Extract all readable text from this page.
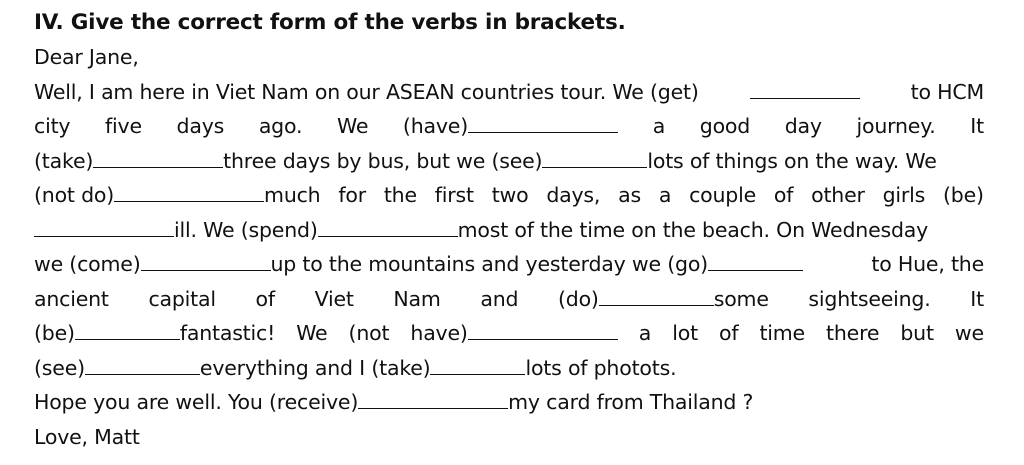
IV. Give the correct form of the verbs in brackets.
Dear Jane,
Well, I am here in Viet Nam on our ASEAN countries tour. We (get)	to HCM
city five days ago. We (have)	a good day journey. It
(take)	three days by bus, but we (see)	lots of things on the way. We
(not do)	much for the first two days, as a couple of other girls (be)
ill. We (spend)	most of the time on the beach. On Wednesday
we (come)	up to the mountains and yesterday we (go)	to Hue, the
ancient capital of Viet Nam and (do)	some sightseeing. It
(be)	fantastic! We (not have)	a lot of time there but we
(see)	everything and I (take)	lots of photots.
Hope you are well. You (receive)	my card from Thailand ?
Love, Matt
